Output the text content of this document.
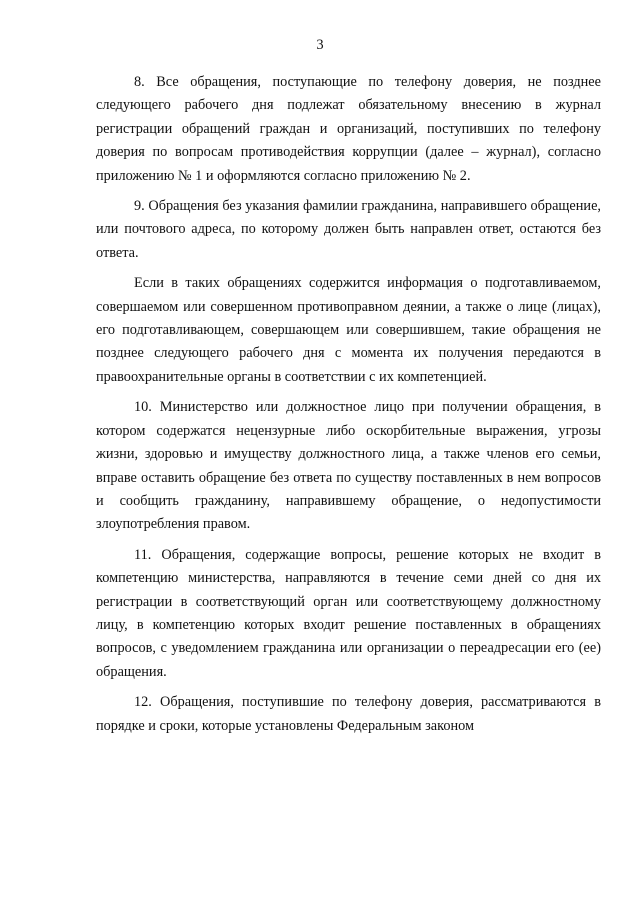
3

8. Все обращения, поступающие по телефону доверия, не позднее следующего рабочего дня подлежат обязательному внесению в журнал регистрации обращений граждан и организаций, поступивших по телефону доверия по вопросам противодействия коррупции (далее – журнал), согласно приложению № 1 и оформляются согласно приложению № 2.

9. Обращения без указания фамилии гражданина, направившего обращение, или почтового адреса, по которому должен быть направлен ответ, остаются без ответа.

Если в таких обращениях содержится информация о подготавливаемом, совершаемом или совершенном противоправном деянии, а также о лице (лицах), его подготавливающем, совершающем или совершившем, такие обращения не позднее следующего рабочего дня с момента их получения передаются в правоохранительные органы в соответствии с их компетенцией.

10. Министерство или должностное лицо при получении обращения, в котором содержатся нецензурные либо оскорбительные выражения, угрозы жизни, здоровью и имуществу должностного лица, а также членов его семьи, вправе оставить обращение без ответа по существу поставленных в нем вопросов и сообщить гражданину, направившему обращение, о недопустимости злоупотребления правом.

11. Обращения, содержащие вопросы, решение которых не входит в компетенцию министерства, направляются в течение семи дней со дня их регистрации в соответствующий орган или соответствующему должностному лицу, в компетенцию которых входит решение поставленных в обращениях вопросов, с уведомлением гражданина или организации о переадресации его (ее) обращения.

12. Обращения, поступившие по телефону доверия, рассматриваются в порядке и сроки, которые установлены Федеральным законом
